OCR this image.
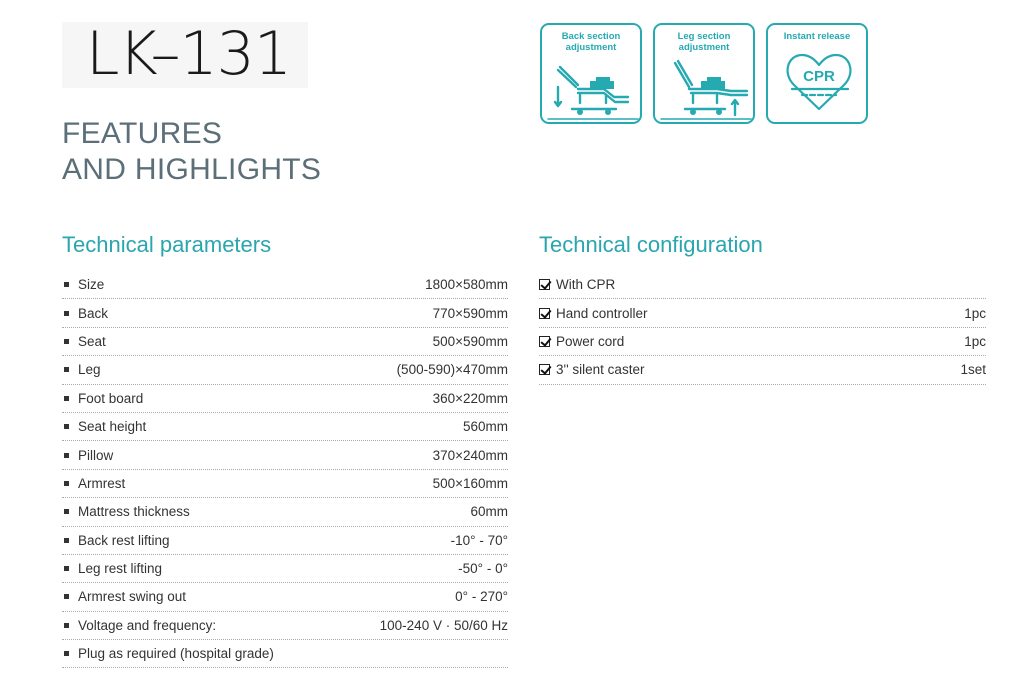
LK–131
FEATURES
AND HIGHLIGHTS
Back section
adjustment
Leg section
adjustment
Instant release
CPR
Technical parameters	Technical configuration
Size	1800×580mm
Back	770×590mm
Seat	500×590mm
Leg	(500-590)×470mm
Foot board	360×220mm
Seat height	560mm
Pillow	370×240mm
Armrest	500×160mm
Mattress thickness	60mm
Back rest lifting	-10° - 70°
Leg rest lifting	-50° - 0°
Armrest swing out	0° - 270°
Voltage and frequency:	100-240 V · 50/60 Hz
Plug as required (hospital grade)
With CPR
Hand controller	1pc
Power cord	1pc
3'' silent caster	1set
